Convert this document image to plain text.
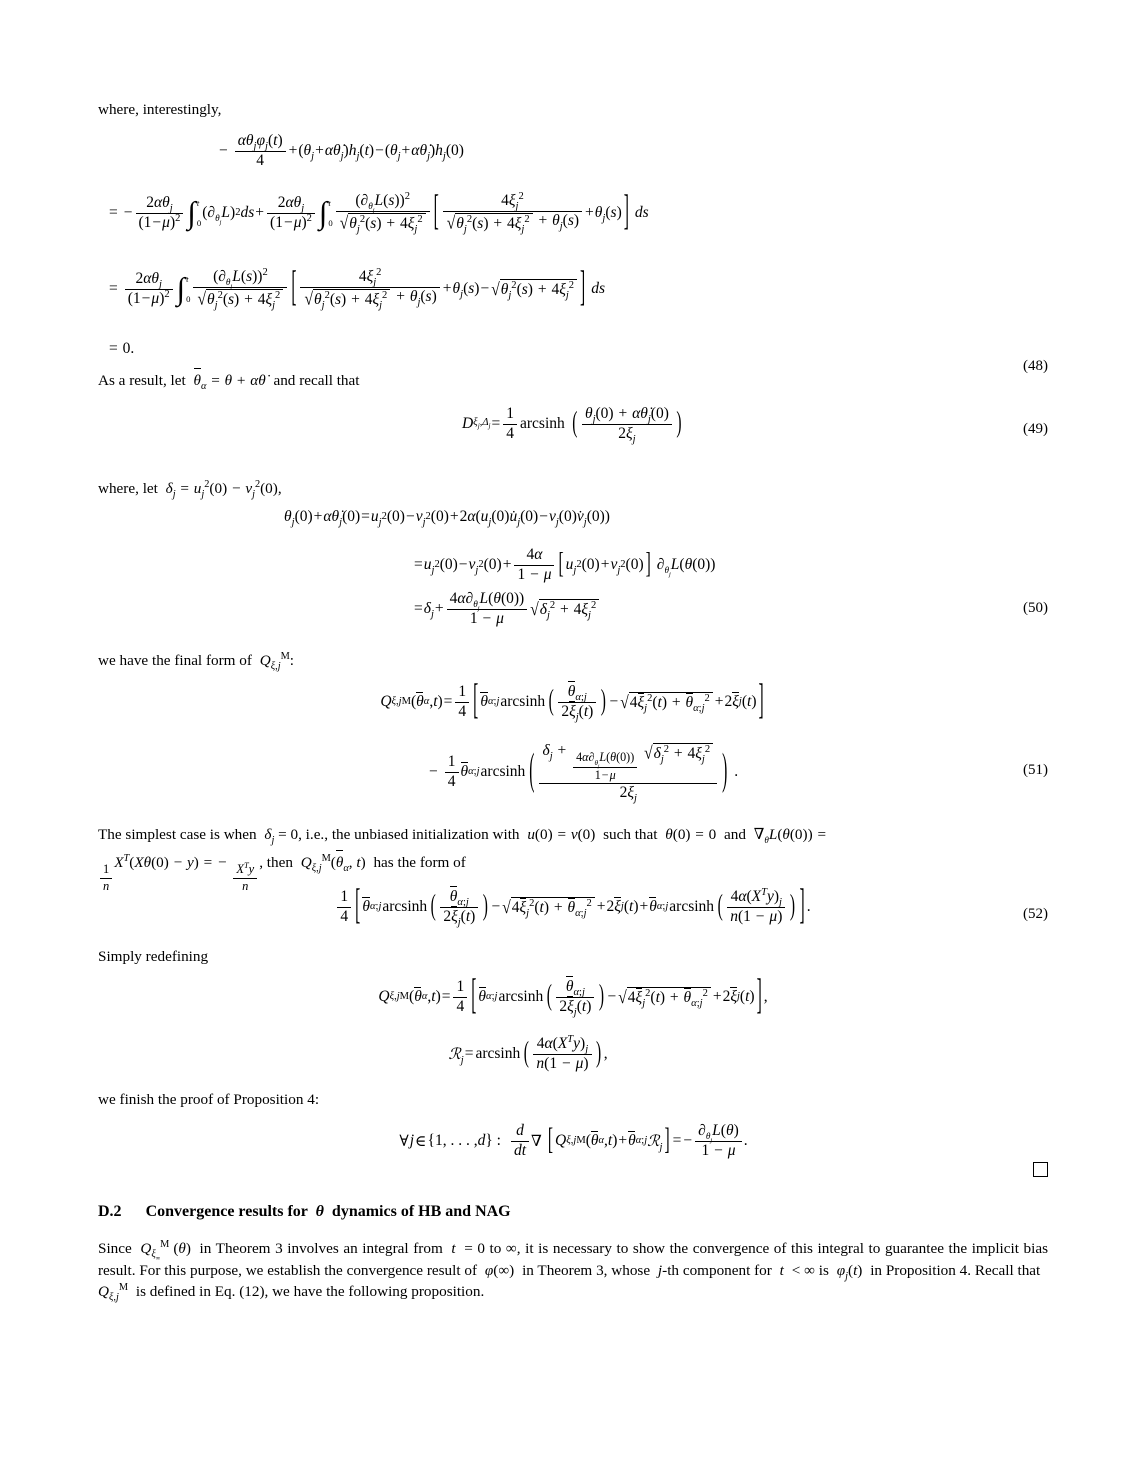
where, interestingly,
− $\frac{\alpha\theta_j\varphi_j(t)}{4}$ + ( $\theta_j + \alpha$ $\thetȧ_j$ ) $h_j$ ( t ) − ( $\theta_j + \alpha$ $\thetȧ_j$ ) $h_j$ (0)
= − $\frac{2\alpha\theta_j}{(1-\mu)^2}$ ∫ t
0
( $\partial_{\theta_j}L$ ) 2 ds + $\frac{2\alpha\theta_j}{(1-\mu)^2}$ ∫ t
$0 \frac{(\partial_{\theta_j}L(s))^2}{√ \theta_j^2(s) + 4\xi_j^2}$ [ $\frac{4\xi_j^2}{√ \theta_j^2(s) + 4\xi_j^2 + \theta_j(s)} + \theta_j$ ( s ) ] ds
= $\frac{2\alpha\theta_j}{(1-\mu)^2}$ ∫ t
$0 \frac{(\partial_{\theta_j}L(s))^2}{√ \theta_j^2(s) + 4\xi_j^2}$ [ $\frac{4\xi_j^2}{√ \theta_j^2(s) + 4\xi_j^2 + \theta_j(s)} + \theta_j$ ( s ) − √ $\theta_j^2(s) + 4\xi_j^2$ ] ds
= 0.
(48)
As a result, let $\theta_\alpha = \theta$ + αθ̇ and recall that
D $\xi_j,\Delta_j = \frac{1}{4}$ arcsinh ( $\frac{\theta_j(0) + \alpha\thetȧ_j(0)}{2\xi_j}$ )	(49)
where, let $\delta_j = u_j^2(0) - v_j^2(0)$,
$\theta_j$ $(0) + \alpha\thetȧ_j$ $(0) = u_j$
2 $(0) - v_j$
2 (0) + 2 α ( $u_j$ (0) $u̇_j$ $(0) - v_j$ (0) $v̇_j$ (0))
= $u_j$
2 $(0) - v_j$
2 $(0) + \frac{4\alpha}{1 - \mu}$ [ $u_j$
2 $(0) + v_j$
2 (0) ] $\partial_{\theta_j}L$ ( θ (0))
= $\delta_j + \frac{4\alpha\partial_{\theta_j}L(\theta(0))}{1 - \mu}$ √ $\delta_j^2 + 4\xi_j^2$	(50)
we have the final form of $Q_{\xi,j}^M$:
Q ξ,j M ( θ α , t ) = $\frac{1}{4}$ [ θ α;j arcsinh ( $\frac{\theta_{\alpha;j}}{2\xi_j(t)}$ ) − √ $4\xi_j^2(t) + \theta_{\alpha;j}^2 + 2$ ξ j ( t ) ]
− $\frac{1}{4}$ θ α;j arcsinh ( $\delta_j + \frac{4\alpha\partial_{\theta_j}L(\theta(0))}{1-\mu}$
√ $\delta_j^2 + 4\xi_j^2$
$2\xi_j$ ) .	(51)
The simplest case is when $\delta_j = 0$, i.e., the unbiased initialization with u(0) = v(0) such that θ(0) = 0 and $\nabla_\theta L(\theta(0))$ =
$\frac{1}{n} X^T(X\theta(0) - y)$ = − $\frac{X^Ty}{n}$ , then $Q_{\xi,j}^M(\theta_\alpha$, t) has the form of
$\frac{1}{4}$ [ θ α;j arcsinh ( $\frac{\theta_{\alpha;j}}{2\xi_j(t)}$ ) − √ $4\xi_j^2(t) + \theta_{\alpha;j}^2 + 2$ ξ j ( t ) + θ α;j arcsinh ( $\frac{4\alpha(X^Ty)_j}{n(1 - \mu)}$ ) ] .	(52)
Simply redefining
Q ξ,j M ( θ α , t ) = $\frac{1}{4}$ [ θ α;j arcsinh ( $\frac{\theta_{\alpha;j}}{2\xi_j(t)}$ ) − √ $4\xi_j^2(t) + \theta_{\alpha;j}^2 + 2$ ξ j ( t ) ] ,
ℛ$_j$ = arcsinh ( $\frac{4\alpha(X^Ty)_j}{n(1 - \mu)}$ ) ,
we finish the proof of Proposition 4:
∀ j ∈ {1, . . . , d } : $\frac{d}{dt}$ ∇ [ Q ξ,j M ( θ α , t ) + θ α;j ℛ$_j$ ] = − $\frac{\partial_{\theta_j}L(\theta)}{1 - \mu}$ .
D.2 Convergence results for θ dynamics of HB and NAG
Since $Q_{\xi_\infty}^M$ (θ) in Theorem 3 involves an integral from t = 0 to ∞, it is necessary to show the convergence of this integral to guarantee the implicit bias result. For this purpose, we establish the convergence result of φ(∞) in Theorem 3, whose j-th component for t < ∞ is $\varphi_j(t)$ in Proposition 4. Recall that $Q_{\xi,j}^M$ is defined in Eq. (12), we have the following proposition.
